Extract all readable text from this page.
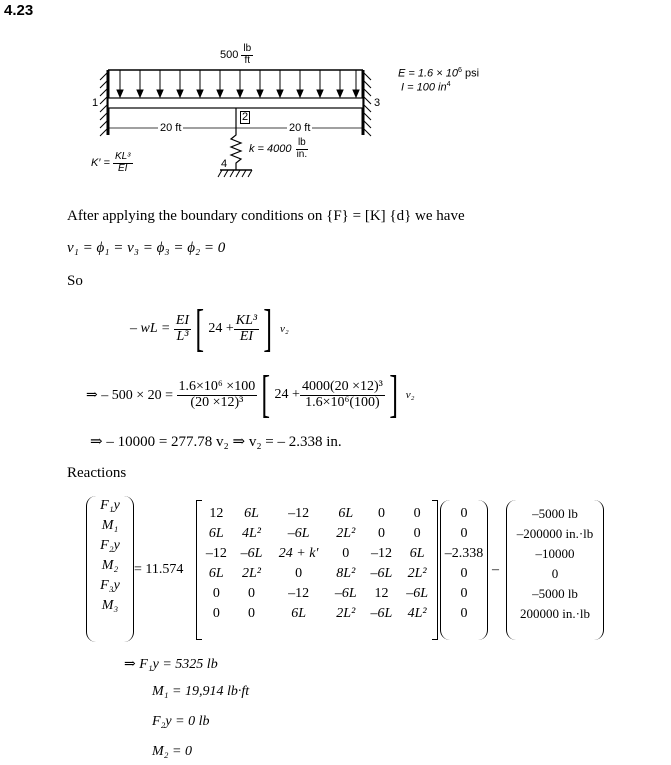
4.23
$500 \frac{lb}{ft}$
1
2
3
4
20 ft	20 ft
$k = 4000 \frac{lb}{in.}$
$E = 1.6 \times 10^6$ psi
I = 100 $in^4$
$K' = \frac{\text{KL³}}{EI}$
After applying the boundary conditions on {F} = [K] {d} we have
v₁ = ϕ₁ = v₃ = ϕ₃ = ϕ₂ = 0
So
– wL =
$\frac{EI}{\text{L³}}$ [ $24 + \frac{\text{KL³}}{EI}$ ]
v₂
⇒ – 500 × 20 =
$\frac{\text{1.6×10⁶ ×100}}{\text{(20 ×12)³}}$ [ $24 + \frac{\text{4000(20 ×12)³}}{\text{1.6×10⁶(100)}}$ ]
v₂
⇒ – 10000 = 277.78 v₂ ⇒ v₂ = – 2.338 in.
Reactions
F₁y
M₁
F₂y
M₂
F₃y
M₃
= 11.574
12	6L	–12	6L	0	0
6L	4L²	–6L	2L²	0	0
–12	–6L	24 + k′	0	–12	6L
6L	2L²	0	8L²	–6L	2L²
0	0	–12	–6L	12	–6L
0	0	6L	2L²	–6L	4L²
0
0
–2.338
0
0
0
–
–5000 lb
–200000 in.·lb
–10000
0
–5000 lb
200000 in.·lb
⇒ F₁y = 5325 lb
M₁ = 19,914 lb·ft
F₂y = 0 lb
M₂ = 0
